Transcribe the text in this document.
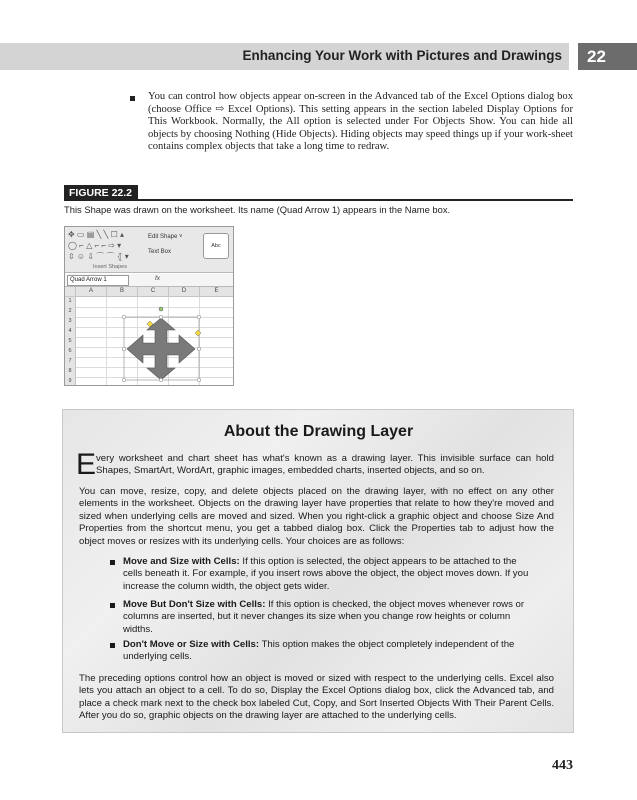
Enhancing Your Work with Pictures and Drawings 22
You can control how objects appear on-screen in the Advanced tab of the Excel Options dialog box (choose Office ⇨ Excel Options). This setting appears in the section labeled Display Options for This Workbook. Normally, the All option is selected under For Objects Show. You can hide all objects by choosing Nothing (Hide Objects). Hiding objects may speed things up if your work-sheet contains complex objects that take a long time to redraw.
FIGURE 22.2
This Shape was drawn on the worksheet. Its name (Quad Arrow 1) appears in the Name box.
✥ ▭ ▤ ╲ ╲ ☐ ▴
◯ ⌐ △ ⌐ ⌐ ⇨ ▾
⇳ ☺ ⇩ ⌒ ⌒ ⦃ ▾
Edit Shape ˅
Text Box
Abc
Insert Shapes
Quad Arrow 1	fx
A	B	C	D	E
1
2
3
4
5
6
7
8
9
About the Drawing Layer
E very worksheet and chart sheet has what's known as a drawing layer. This invisible surface can hold Shapes, SmartArt, WordArt, graphic images, embedded charts, inserted objects, and so on.
You can move, resize, copy, and delete objects placed on the drawing layer, with no effect on any other elements in the worksheet. Objects on the drawing layer have properties that relate to how they're moved and sized when underlying cells are moved and sized. When you right-click a graphic object and choose Size And Properties from the shortcut menu, you get a tabbed dialog box. Click the Properties tab to adjust how the object moves or resizes with its underlying cells. Your choices are as follows:
Move and Size with Cells: If this option is selected, the object appears to be attached to the cells beneath it. For example, if you insert rows above the object, the object moves down. If you increase the column width, the object gets wider.
Move But Don't Size with Cells: If this option is checked, the object moves whenever rows or columns are inserted, but it never changes its size when you change row heights or column widths.
Don't Move or Size with Cells: This option makes the object completely independent of the underlying cells.
The preceding options control how an object is moved or sized with respect to the underlying cells. Excel also lets you attach an object to a cell. To do so, Display the Excel Options dialog box, click the Advanced tab, and place a check mark next to the check box labeled Cut, Copy, and Sort Inserted Objects With Their Parent Cells. After you do so, graphic objects on the drawing layer are attached to the underlying cells.
443
